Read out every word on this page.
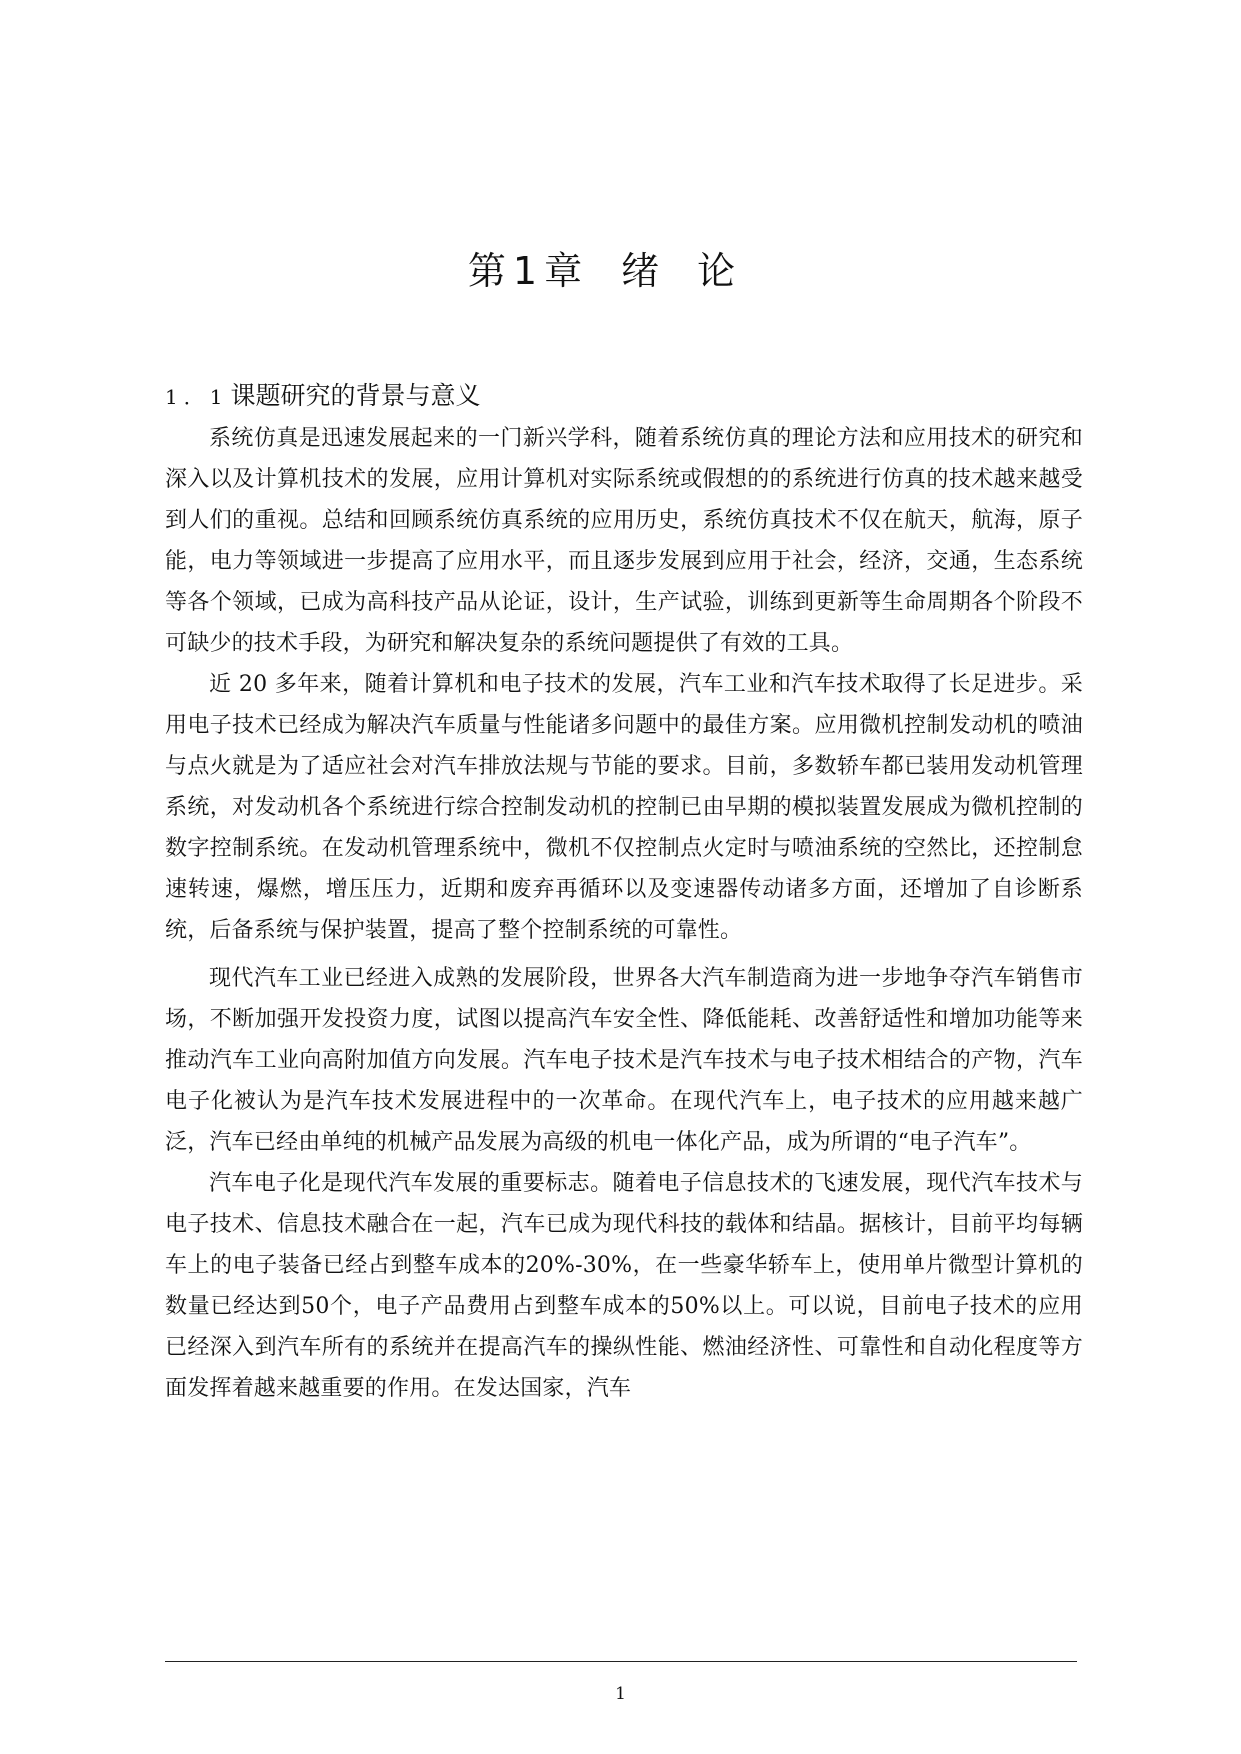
第 1 章 绪论
1．1课题研究的背景与意义

系统仿真是迅速发展起来的一门新兴学科，随着系统仿真的理论方法和应用技术的研究和深入以及计算机技术的发展，应用计算机对实际系统或假想的的系统进行仿真的技术越来越受到人们的重视。总结和回顾系统仿真系统的应用历史，系统仿真技术不仅在航天，航海，原子能，电力等领域进一步提高了应用水平，而且逐步发展到应用于社会，经济，交通，生态系统等各个领域，已成为高科技产品从论证，设计，生产试验，训练到更新等生命周期各个阶段不可缺少的技术手段，为研究和解决复杂的系统问题提供了有效的工具。

近 20 多年来，随着计算机和电子技术的发展，汽车工业和汽车技术取得了长足进步。采用电子技术已经成为解决汽车质量与性能诸多问题中的最佳方案。应用微机控制发动机的喷油与点火就是为了适应社会对汽车排放法规与节能的要求。目前，多数轿车都已装用发动机管理系统，对发动机各个系统进行综合控制发动机的控制已由早期的模拟装置发展成为微机控制的数字控制系统。在发动机管理系统中，微机不仅控制点火定时与喷油系统的空然比，还控制怠速转速，爆燃，增压压力，近期和废弃再循环以及变速器传动诸多方面，还增加了自诊断系统，后备系统与保护装置，提高了整个控制系统的可靠性。

现代汽车工业已经进入成熟的发展阶段，世界各大汽车制造商为进一步地争夺汽车销售市场，不断加强开发投资力度，试图以提高汽车安全性、降低能耗、改善舒适性和增加功能等来推动汽车工业向高附加值方向发展。汽车电子技术是汽车技术与电子技术相结合的产物，汽车电子化被认为是汽车技术发展进程中的一次革命。在现代汽车上，电子技术的应用越来越广泛，汽车已经由单纯的机械产品发展为高级的机电一体化产品，成为所谓的“电子汽车”。

汽车电子化是现代汽车发展的重要标志。随着电子信息技术的飞速发展，现代汽车技术与电子技术、信息技术融合在一起，汽车已成为现代科技的载体和结晶。据核计，目前平均每辆车上的电子装备已经占到整车成本的20%-30%，在一些豪华轿车上，使用单片微型计算机的数量已经达到50个，电子产品费用占到整车成本的50%以上。可以说，目前电子技术的应用已经深入到汽车所有的系统并在提高汽车的操纵性能、燃油经济性、可靠性和自动化程度等方面发挥着越来越重要的作用。在发达国家，汽车

1
